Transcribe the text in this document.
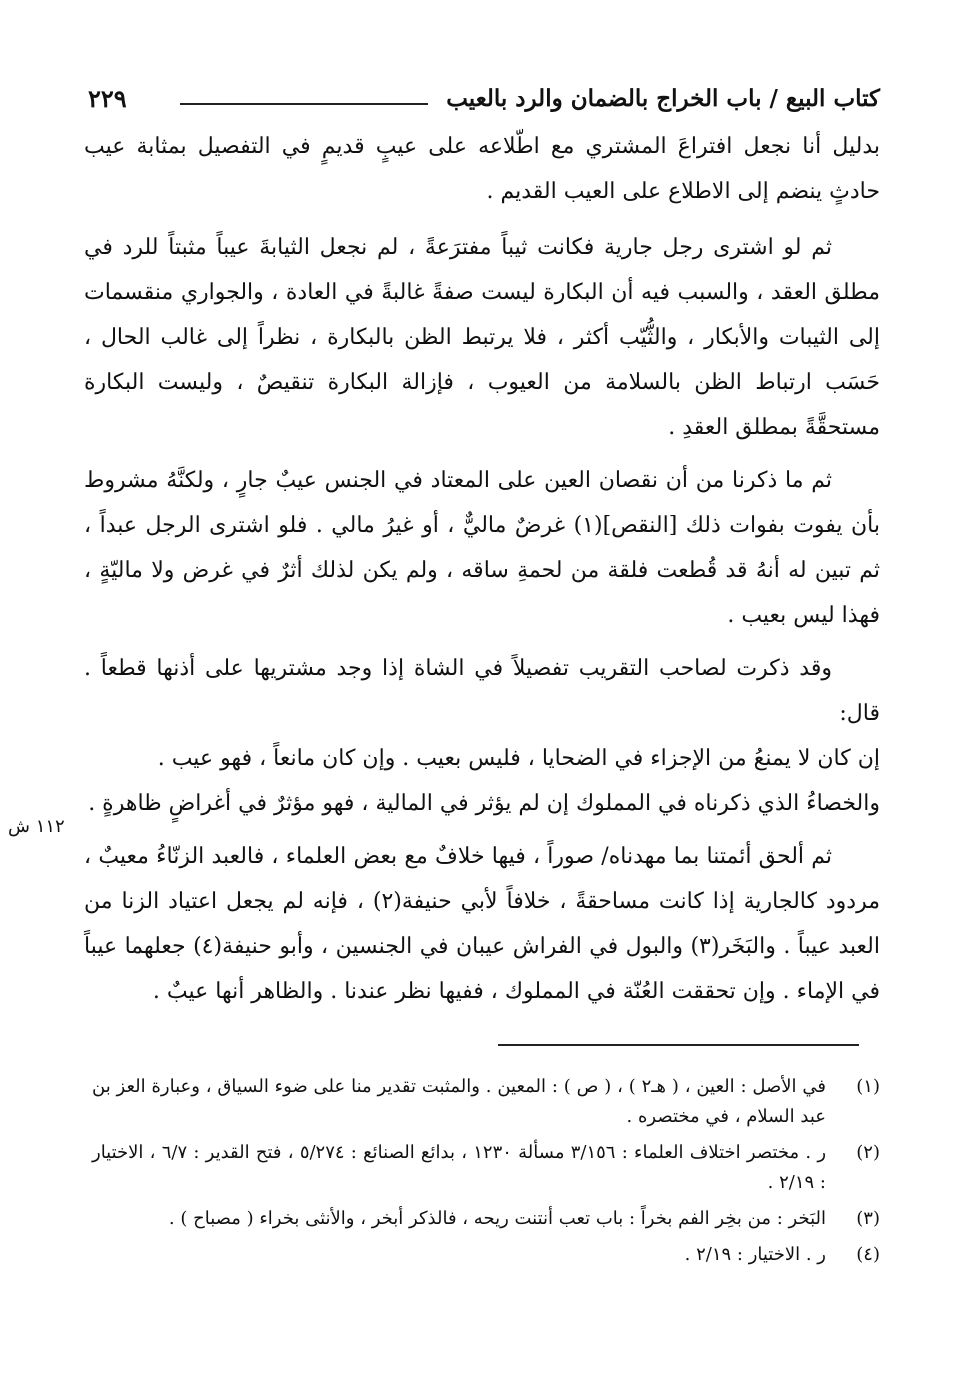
كتاب البيع / باب الخراج بالضمان والرد بالعيب
٢٢٩
١١٢ ش

بدليل أنا نجعل افتراعَ المشتري مع اطّلاعه على عيبٍ قديمٍ في التفصيل بمثابة عيب حادثٍ ينضم إلى الاطلاع على العيب القديم .

ثم لو اشترى رجل جارية فكانت ثيباً مفترَعةً ، لم نجعل الثيابةَ عيباً مثبتاً للرد في مطلق العقد ، والسبب فيه أن البكارة ليست صفةً غالبةً في العادة ، والجواري منقسمات إلى الثيبات والأبكار ، والثُّيّب أكثر ، فلا يرتبط الظن بالبكارة ، نظراً إلى غالب الحال ، حَسَب ارتباط الظن بالسلامة من العيوب ، فإزالة البكارة تنقيصٌ ، وليست البكارة مستحقَّةً بمطلق العقدِ .

ثم ما ذكرنا من أن نقصان العين على المعتاد في الجنس عيبٌ جارٍ ، ولكنَّهُ مشروط بأن يفوت بفوات ذلك [النقص](١) غرضٌ ماليٌّ ، أو غيرُ مالي . فلو اشترى الرجل عبداً ، ثم تبين له أنهُ قد قُطعت فلقة من لحمةِ ساقه ، ولم يكن لذلك أثرٌ في غرض ولا ماليّةٍ ، فهذا ليس بعيب .

وقد ذكرت لصاحب التقريب تفصيلاً في الشاة إذا وجد مشتريها على أذنها قطعاً . قال:

إن كان لا يمنعُ من الإجزاء في الضحايا ، فليس بعيب . وإن كان مانعاً ، فهو عيب .

والخصاءُ الذي ذكرناه في المملوك إن لم يؤثر في المالية ، فهو مؤثرٌ في أغراضٍ ظاهرةٍ .

ثم ألحق أئمتنا بما مهدناه/ صوراً ، فيها خلافٌ مع بعض العلماء ، فالعبد الزنّاءُ معيبٌ ، مردود كالجارية إذا كانت مساحقةً ، خلافاً لأبي حنيفة(٢) ، فإنه لم يجعل اعتياد الزنا من العبد عيباً . والبَخَر(٣) والبول في الفراش عيبان في الجنسين ، وأبو حنيفة(٤) جعلهما عيباً في الإماء . وإن تحققت العُنّة في المملوك ، ففيها نظر عندنا . والظاهر أنها عيبٌ .

(١)
في الأصل : العين ، ( هـ٢ ) ، ( ص ) : المعين . والمثبت تقدير منا على ضوء السياق ، وعبارة العز بن عبد السلام ، في مختصره .
(٢)
ر . مختصر اختلاف العلماء : ٣/١٥٦ مسألة ١٢٣٠ ، بدائع الصنائع : ٥/٢٧٤ ، فتح القدير : ٦/٧ ، الاختيار : ٢/١٩ .
(٣)
البَخر : من بخِر الفم بخراً : باب تعب أنتنت ريحه ، فالذكر أبخر ، والأنثى بخراء ( مصباح ) .
(٤)
ر . الاختيار : ٢/١٩ .
